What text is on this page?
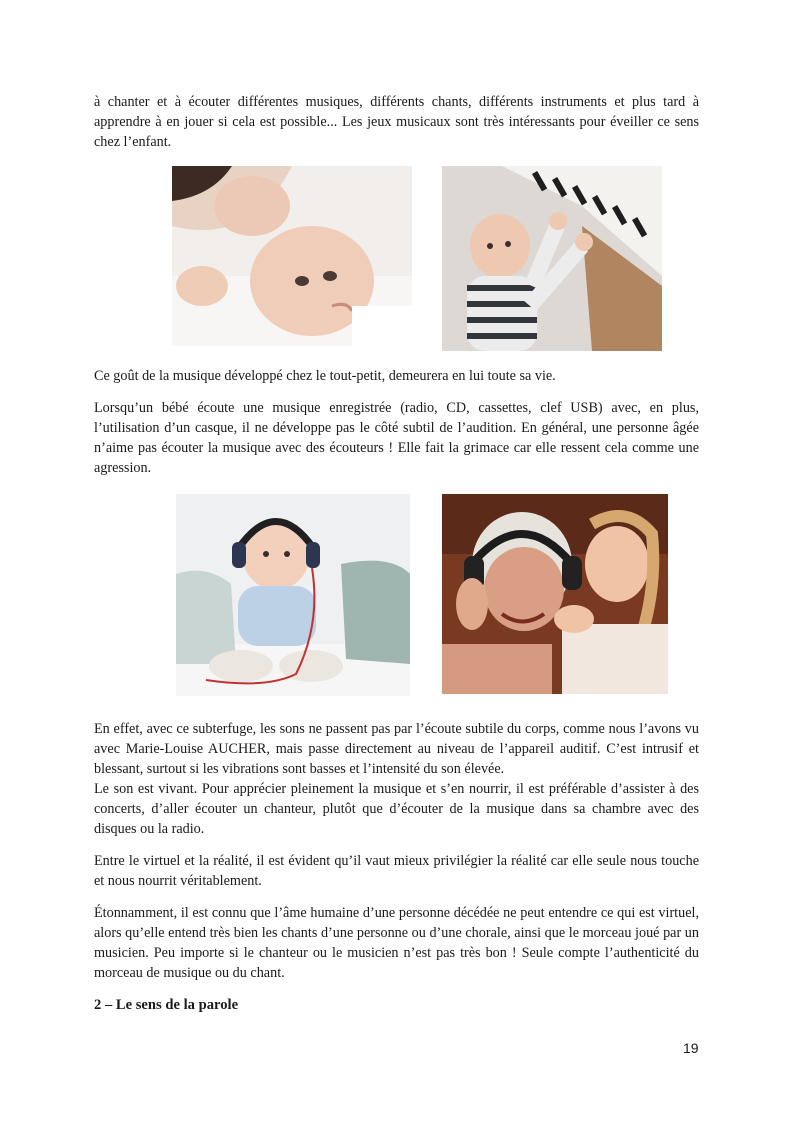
à chanter et à écouter différentes musiques, différents chants, différents instruments et plus tard à apprendre à en jouer si cela est possible... Les jeux musicaux sont très intéressants pour éveiller ce sens chez l’enfant.

Ce goût de la musique développé chez le tout-petit, demeurera en lui toute sa vie.

Lorsqu’un bébé écoute une musique enregistrée (radio, CD, cassettes, clef USB) avec, en plus, l’utilisation d’un casque, il ne développe pas le côté subtil de l’audition. En général, une personne âgée n’aime pas écouter la musique avec des écouteurs ! Elle fait la grimace car elle ressent cela comme une agression.

En effet, avec ce subterfuge, les sons ne passent pas par l’écoute subtile du corps, comme nous l’avons vu avec Marie-Louise AUCHER, mais passe directement au niveau de l’appareil auditif. C’est intrusif et blessant, surtout si les vibrations sont basses et l’intensité du son élevée.

Le son est vivant. Pour apprécier pleinement la musique et s’en nourrir, il est préférable d’assister à des concerts, d’aller écouter un chanteur, plutôt que d’écouter de la musique dans sa chambre avec des disques ou la radio.

Entre le virtuel et la réalité, il est évident qu’il vaut mieux privilégier la réalité car elle seule nous touche et nous nourrit véritablement.

Étonnamment, il est connu que l’âme humaine d’une personne décédée ne peut entendre ce qui est virtuel, alors qu’elle entend très bien les chants d’une personne ou d’une chorale, ainsi que le morceau joué par un musicien. Peu importe si le chanteur ou le musicien n’est pas très bon ! Seule compte l’authenticité du morceau de musique ou du chant.

2 – Le sens de la parole

19
